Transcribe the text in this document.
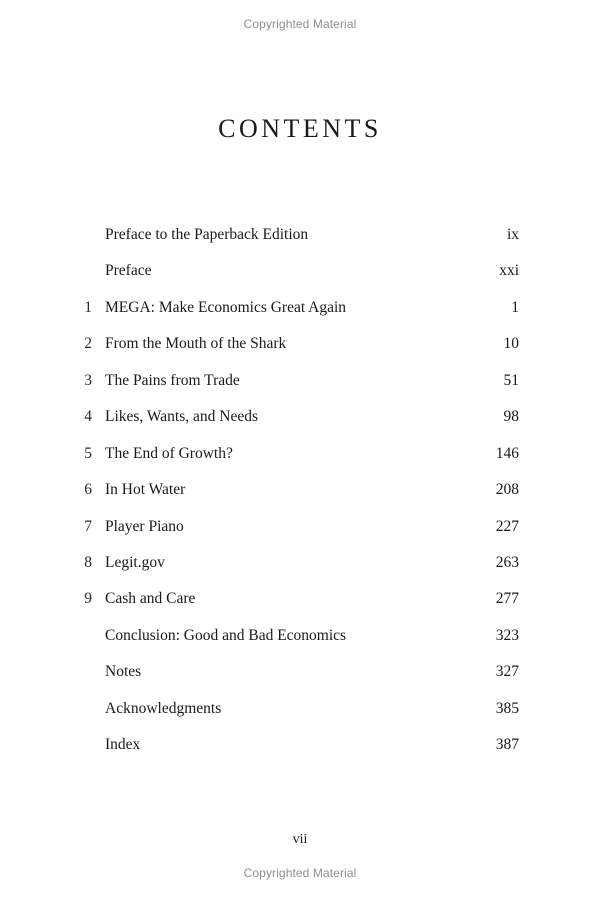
Copyrighted Material
CONTENTS
Preface to the Paperback Edition	ix
Preface	xxi
1 MEGA: Make Economics Great Again	1
2 From the Mouth of the Shark	10
3 The Pains from Trade	51
4 Likes, Wants, and Needs	98
5 The End of Growth?	146
6 In Hot Water	208
7 Player Piano	227
8 Legit.gov	263
9 Cash and Care	277
Conclusion: Good and Bad Economics	323
Notes	327
Acknowledgments	385
Index	387
vii
Copyrighted Material
